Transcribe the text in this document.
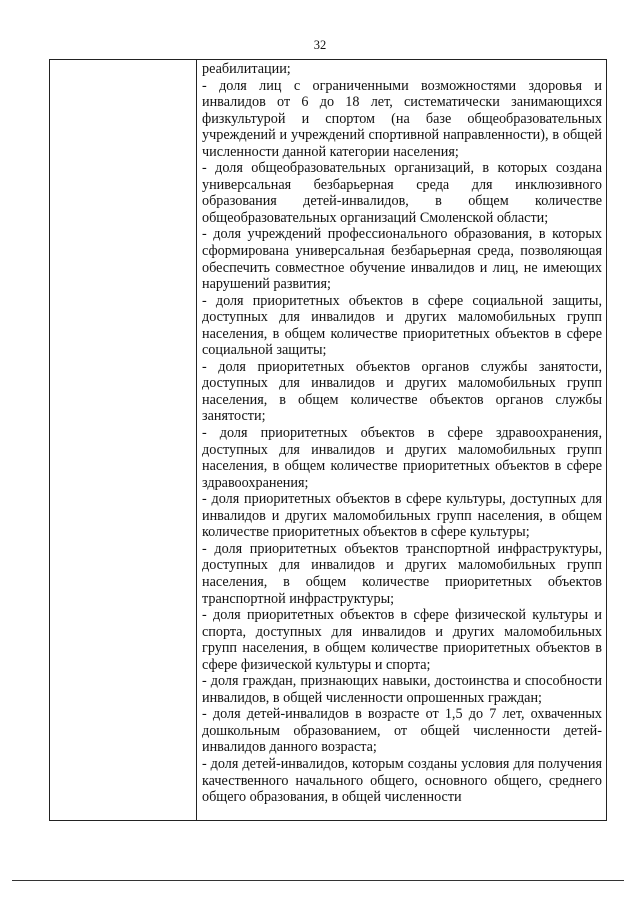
32

реабилитации;

- доля лиц с ограниченными возможностями здоровья и инвалидов от 6 до 18 лет, систематически занимающихся физкультурой и спортом (на базе общеобразовательных учреждений и учреждений спортивной направленности), в общей численности данной категории населения;

- доля общеобразовательных организаций, в которых создана универсальная безбарьерная среда для инклюзивного образования детей-инвалидов, в общем количестве общеобразовательных организаций Смоленской области;

- доля учреждений профессионального образования, в которых сформирована универсальная безбарьерная среда, позволяющая обеспечить совместное обучение инвалидов и лиц, не имеющих нарушений развития;

- доля приоритетных объектов в сфере социальной защиты, доступных для инвалидов и других маломобильных групп населения, в общем количестве приоритетных объектов в сфере социальной защиты;

- доля приоритетных объектов органов службы занятости, доступных для инвалидов и других маломобильных групп населения, в общем количестве объектов органов службы занятости;

- доля приоритетных объектов в сфере здравоохранения, доступных для инвалидов и других маломобильных групп населения, в общем количестве приоритетных объектов в сфере здравоохранения;

- доля приоритетных объектов в сфере культуры, доступных для инвалидов и других маломобильных групп населения, в общем количестве приоритетных объектов в сфере культуры;

- доля приоритетных объектов транспортной инфраструктуры, доступных для инвалидов и других маломобильных групп населения, в общем количестве приоритетных объектов транспортной инфраструктуры;

- доля приоритетных объектов в сфере физической культуры и спорта, доступных для инвалидов и других маломобильных групп населения, в общем количестве приоритетных объектов в сфере физической культуры и спорта;

- доля граждан, признающих навыки, достоинства и способности инвалидов, в общей численности опрошенных граждан;

- доля детей-инвалидов в возрасте от 1,5 до 7 лет, охваченных дошкольным образованием, от общей численности детей-инвалидов данного возраста;

- доля детей-инвалидов, которым созданы условия для получения качественного начального общего, основного общего, среднего общего образования, в общей численности
